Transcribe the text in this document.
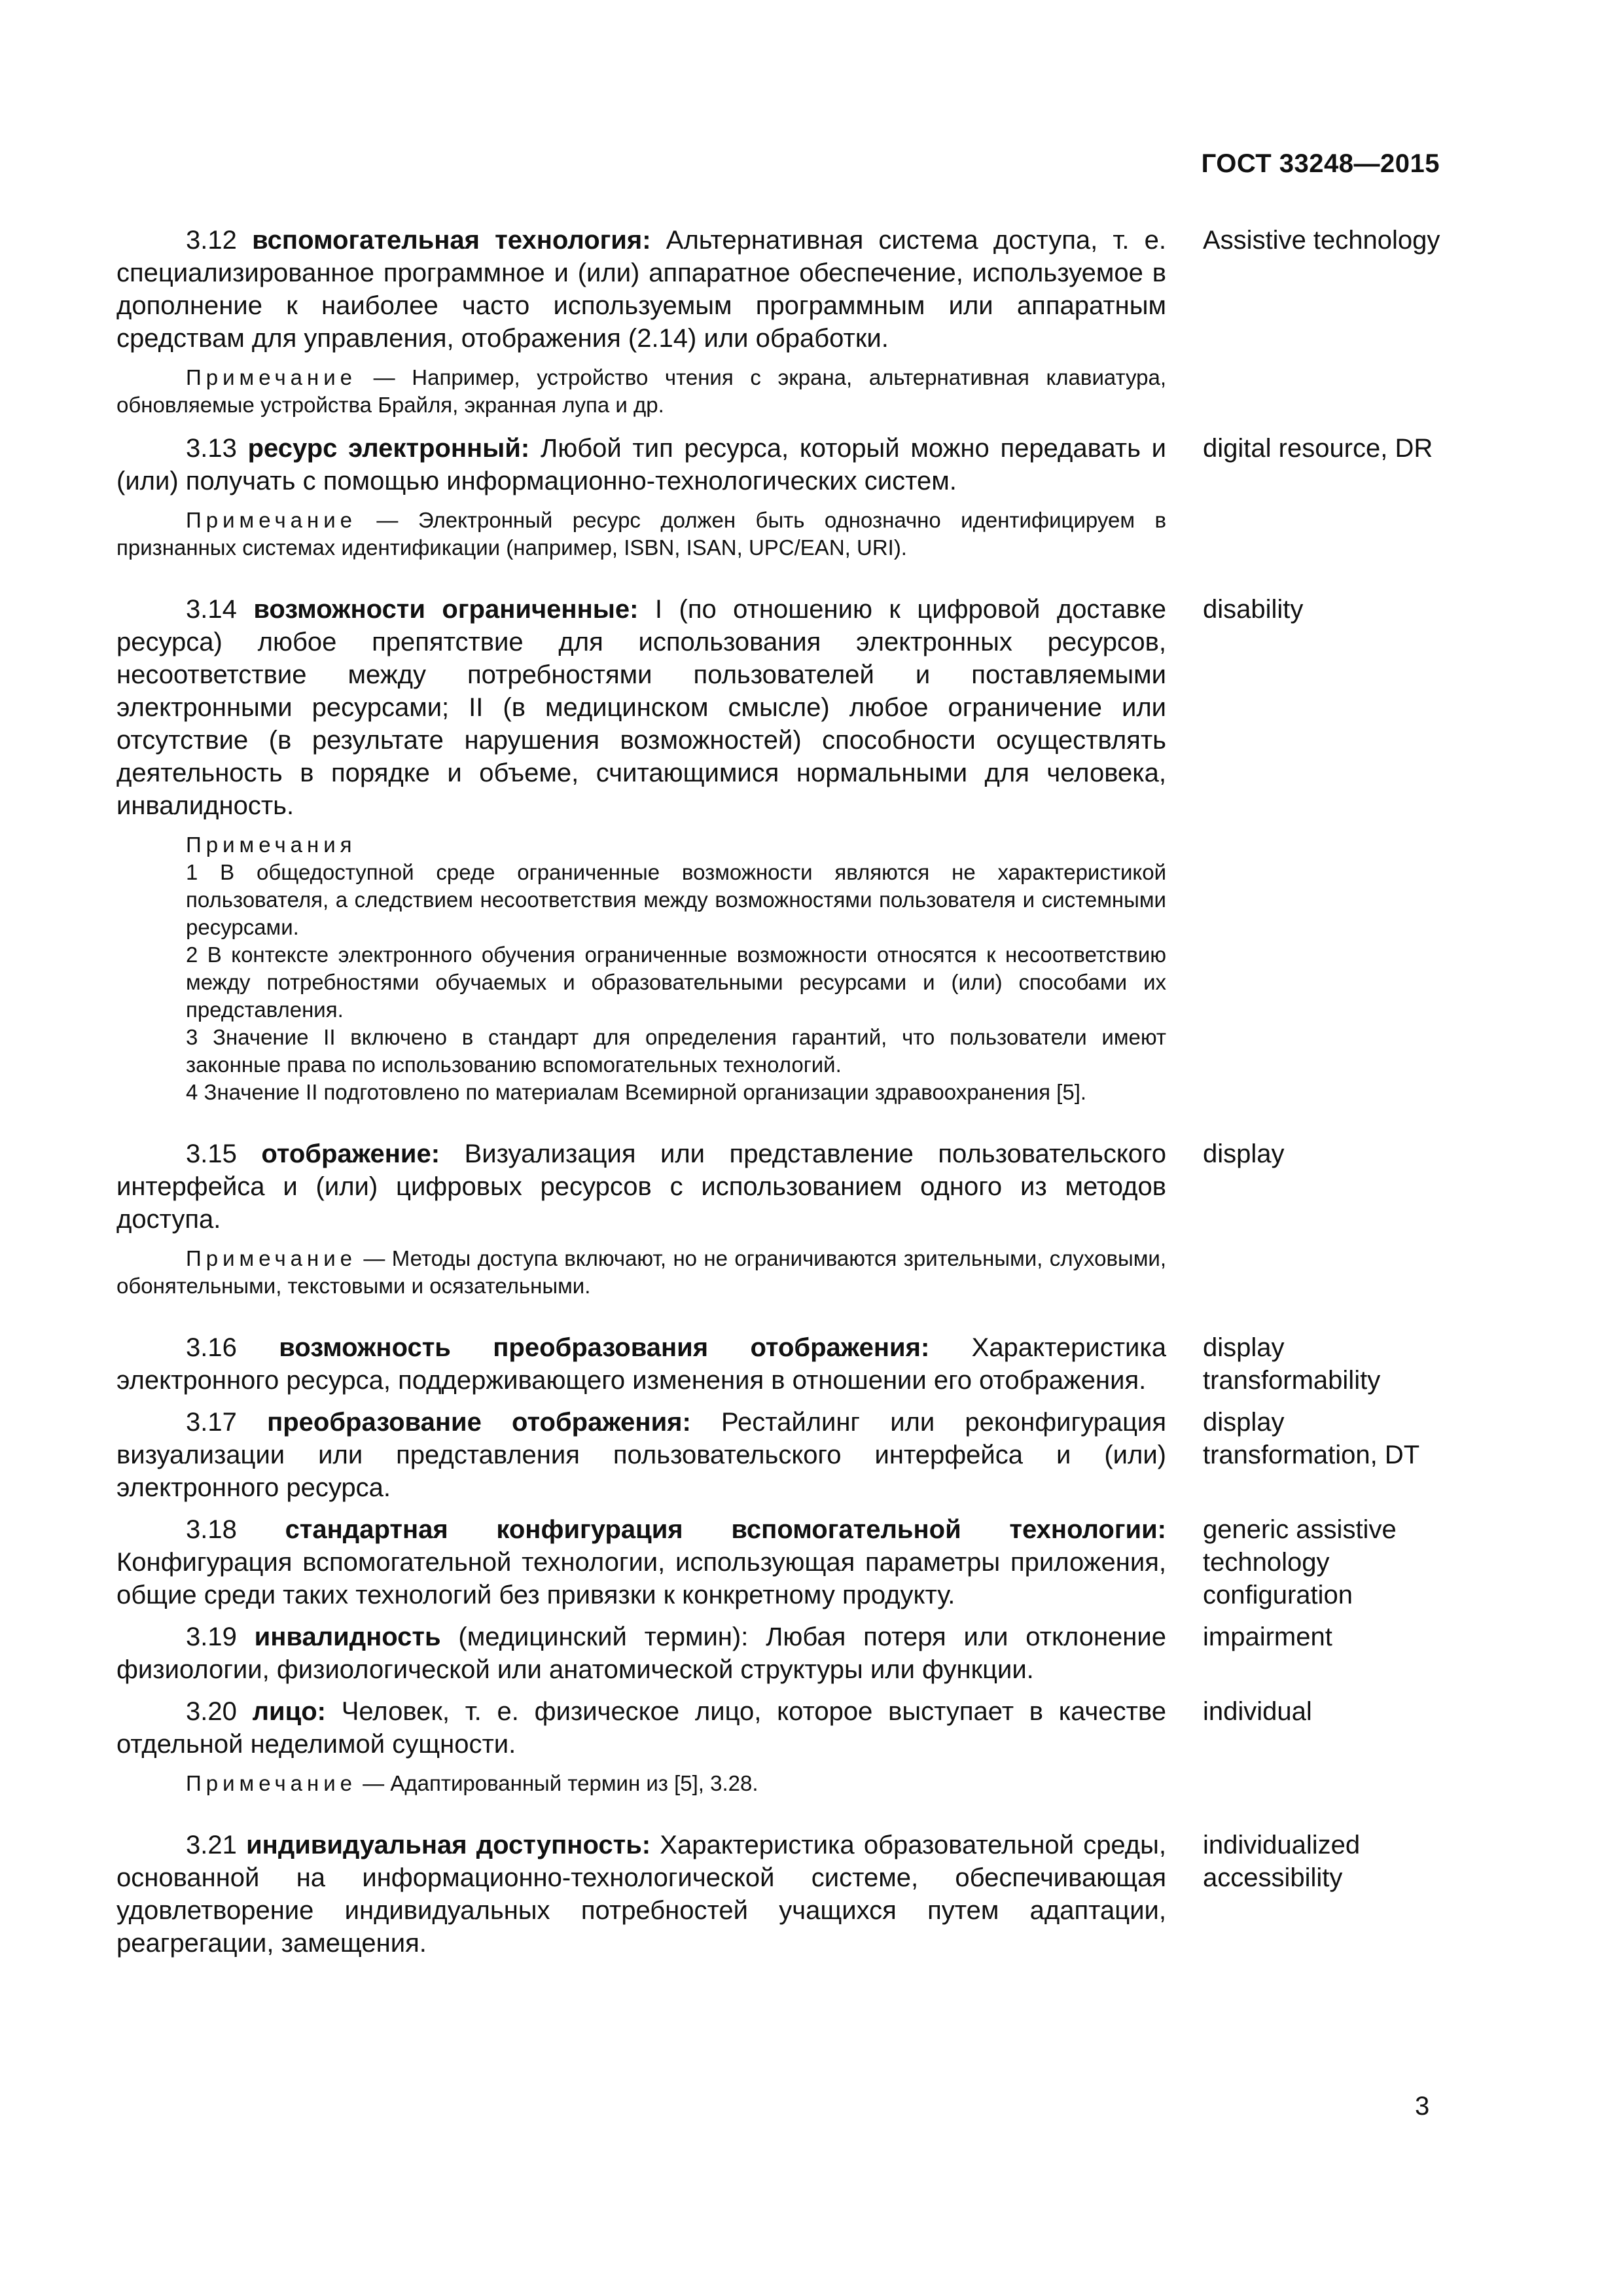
ГОСТ 33248—2015
3.12 вспомогательная технология: Альтернативная система доступа, т. е. специализированное программное и (или) аппаратное обеспечение, используемое в дополнение к наиболее часто используемым программным или аппаратным средствам для управления, отображения (2.14) или обработки.
Assistive technology
Примечание — Например, устройство чтения с экрана, альтернативная клавиатура, обновляемые устройства Брайля, экранная лупа и др.
3.13 ресурс электронный: Любой тип ресурса, который можно передавать и (или) получать с помощью информационно-технологических систем.
digital resource, DR
Примечание — Электронный ресурс должен быть однозначно идентифицируем в признанных системах идентификации (например, ISBN, ISAN, UPC/EAN, URI).
3.14 возможности ограниченные: I (по отношению к цифровой доставке ресурса) любое препятствие для использования электронных ресурсов, несоответствие между потребностями пользователей и поставляемыми электронными ресурсами; II (в медицинском смысле) любое ограничение или отсутствие (в результате нарушения возможностей) способности осуществлять деятельность в порядке и объеме, считающимися нормальными для человека, инвалидность.
disability
Примечания

1 В общедоступной среде ограниченные возможности являются не характеристикой пользователя, а следствием несоответствия между возможностями пользователя и системными ресурсами.

2 В контексте электронного обучения ограниченные возможности относятся к несоответствию между потребностями обучаемых и образовательными ресурсами и (или) способами их представления.

3 Значение II включено в стандарт для определения гарантий, что пользователи имеют законные права по использованию вспомогательных технологий.

4 Значение II подготовлено по материалам Всемирной организации здравоохранения [5].

3.15 отображение: Визуализация или представление пользовательского интерфейса и (или) цифровых ресурсов с использованием одного из методов доступа.
display
Примечание — Методы доступа включают, но не ограничиваются зрительными, слуховыми, обонятельными, текстовыми и осязательными.
3.16 возможность преобразования отображения: Характеристика электронного ресурса, поддерживающего изменения в отношении его отображения.
display transformability
3.17 преобразование отображения: Рестайлинг или реконфигурация визуализации или представления пользовательского интерфейса и (или) электронного ресурса.
display transformation, DT
3.18 стандартная конфигурация вспомогательной технологии: Конфигурация вспомогательной технологии, использующая параметры приложения, общие среди таких технологий без привязки к конкретному продукту.
generic assistive technology configuration
3.19 инвалидность (медицинский термин): Любая потеря или отклонение физиологии, физиологической или анатомической структуры или функции.
impairment
3.20 лицо: Человек, т. е. физическое лицо, которое выступает в качестве отдельной неделимой сущности.
individual
Примечание — Адаптированный термин из [5], 3.28.
3.21 индивидуальная доступность: Характеристика образовательной среды, основанной на информационно-технологической системе, обеспечивающая удовлетворение индивидуальных потребностей учащихся путем адаптации, реагрегации, замещения.
individualized accessibility
3
